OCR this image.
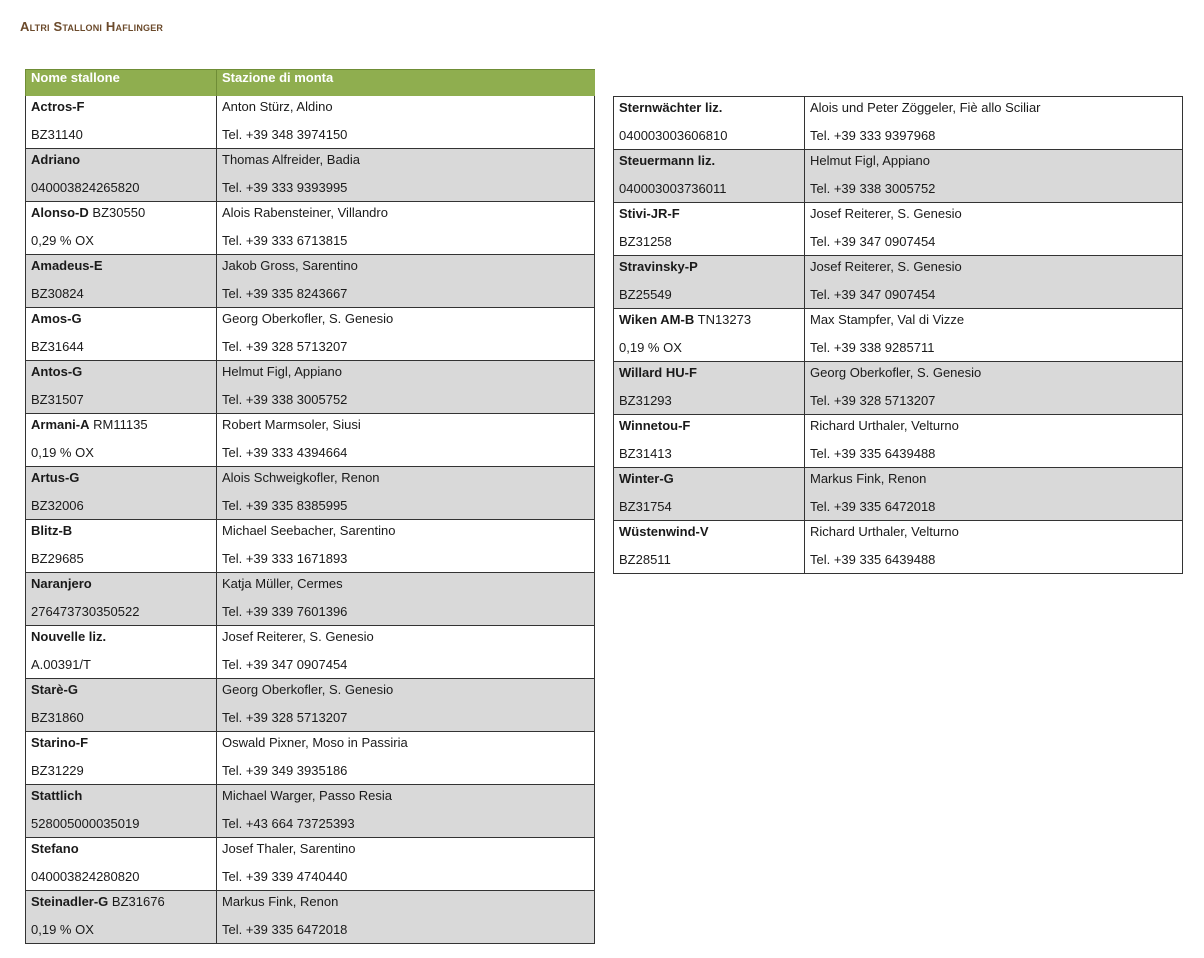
Altri Stalloni Haflinger
Nome stallone	Stazione di monta

Actros-F
BZ31140	Anton Stürz, Aldino
Tel. +39 348 3974150

Adriano
040003824265820	Thomas Alfreider, Badia
Tel. +39 333 9393995

Alonso-D BZ30550
0,29 % OX	Alois Rabensteiner, Villandro
Tel. +39 333 6713815

Amadeus-E
BZ30824	Jakob Gross, Sarentino
Tel. +39 335 8243667

Amos-G
BZ31644	Georg Oberkofler, S. Genesio
Tel. +39 328 5713207

Antos-G
BZ31507	Helmut Figl, Appiano
Tel. +39 338 3005752

Armani-A RM11135
0,19 % OX	Robert Marmsoler, Siusi
Tel. +39 333 4394664

Artus-G
BZ32006	Alois Schweigkofler, Renon
Tel. +39 335 8385995

Blitz-B
BZ29685	Michael Seebacher, Sarentino
Tel. +39 333 1671893

Naranjero
276473730350522	Katja Müller, Cermes
Tel. +39 339 7601396

Nouvelle liz.
A.00391/T	Josef Reiterer, S. Genesio
Tel. +39 347 0907454

Starè-G
BZ31860	Georg Oberkofler, S. Genesio
Tel. +39 328 5713207

Starino-F
BZ31229	Oswald Pixner, Moso in Passiria
Tel. +39 349 3935186

Stattlich
528005000035019	Michael Warger, Passo Resia
Tel. +43 664 73725393

Stefano
040003824280820	Josef Thaler, Sarentino
Tel. +39 339 4740440

Steinadler-G BZ31676
0,19 % OX	Markus Fink, Renon
Tel. +39 335 6472018
Sternwächter liz.
040003003606810	Alois und Peter Zöggeler, Fiè allo Sciliar
Tel. +39 333 9397968

Steuermann liz.
040003003736011	Helmut Figl, Appiano
Tel. +39 338 3005752

Stivi-JR-F
BZ31258	Josef Reiterer, S. Genesio
Tel. +39 347 0907454

Stravinsky-P
BZ25549	Josef Reiterer, S. Genesio
Tel. +39 347 0907454

Wiken AM-B TN13273
0,19 % OX	Max Stampfer, Val di Vizze
Tel. +39 338 9285711

Willard HU-F
BZ31293	Georg Oberkofler, S. Genesio
Tel. +39 328 5713207

Winnetou-F
BZ31413	Richard Urthaler, Velturno
Tel. +39 335 6439488

Winter-G
BZ31754	Markus Fink, Renon
Tel. +39 335 6472018

Wüstenwind-V
BZ28511	Richard Urthaler, Velturno
Tel. +39 335 6439488
